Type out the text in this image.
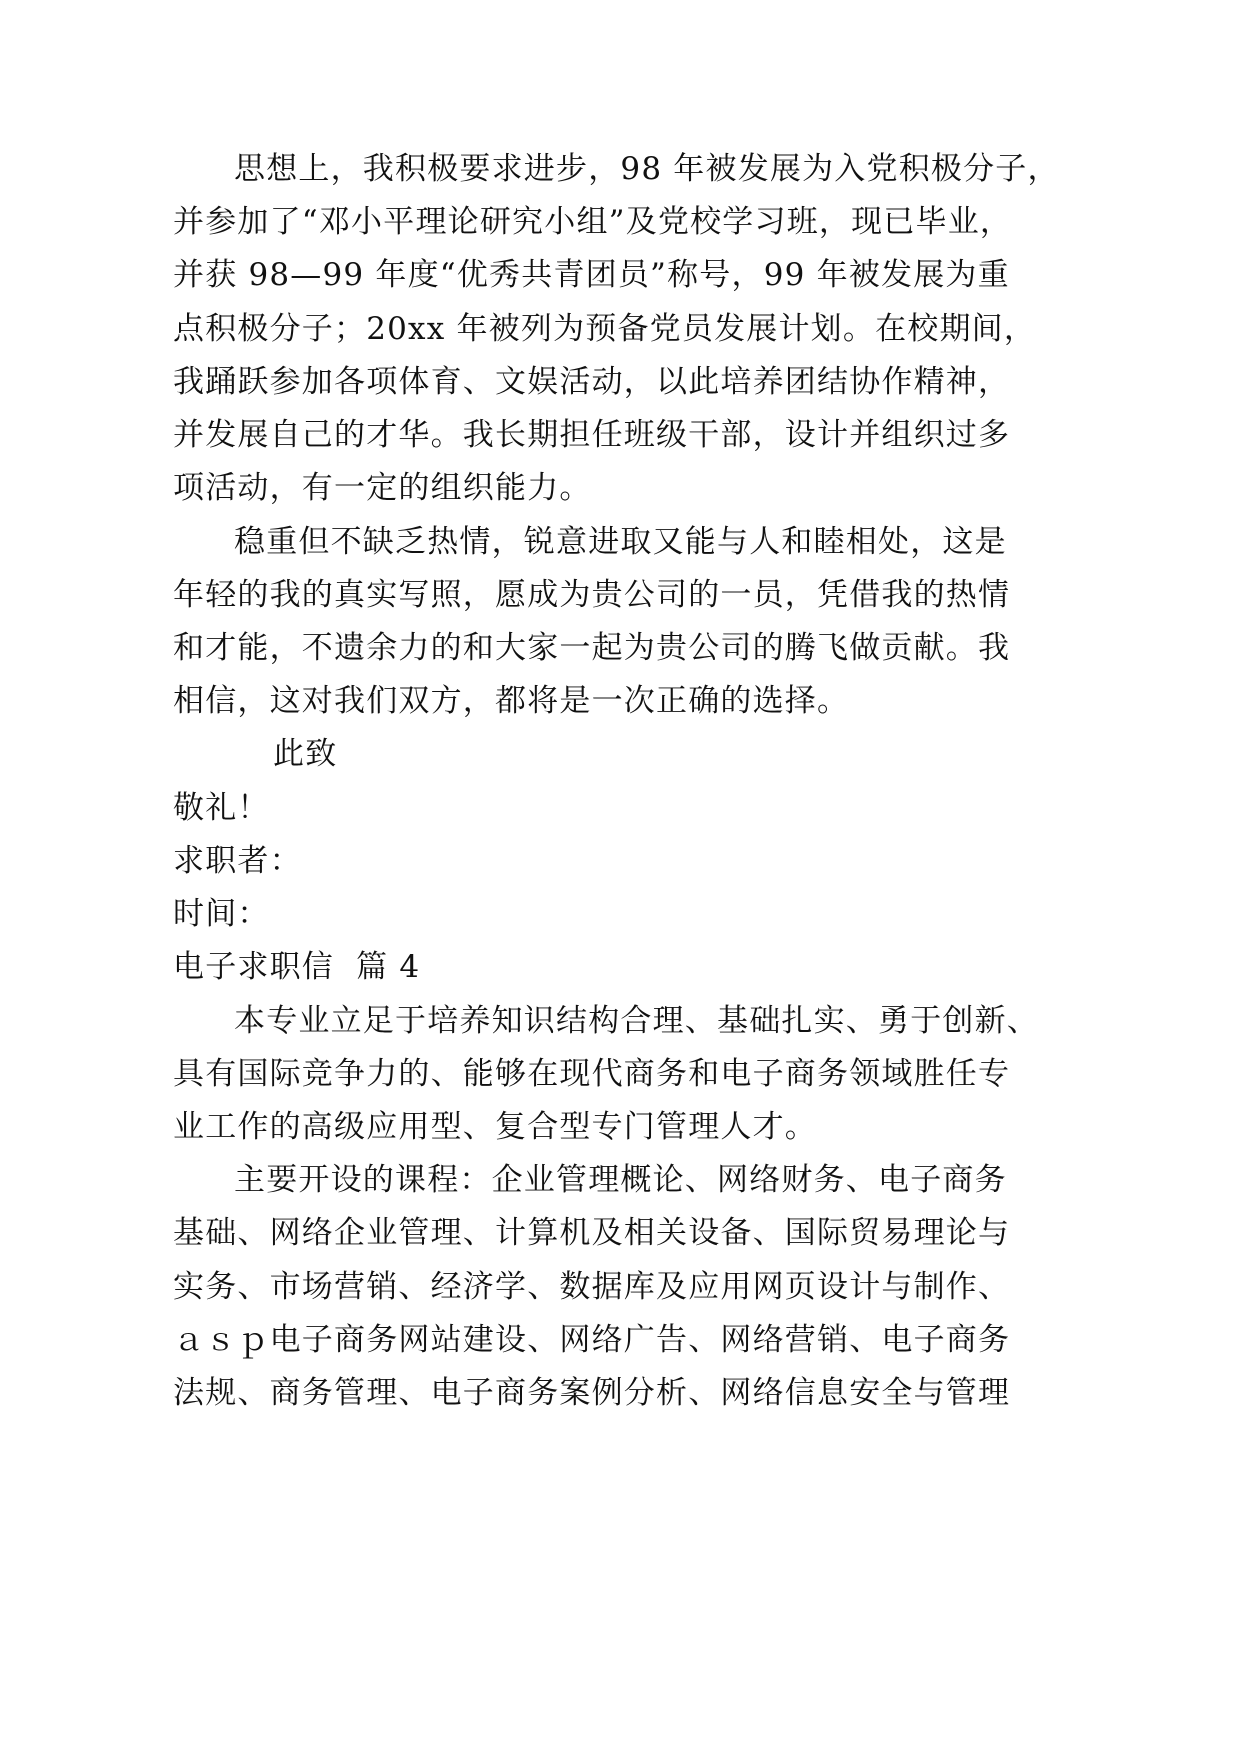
思想上，我积极要求进步，98 年被发展为入党积极分子，
并参加了“邓小平理论研究小组”及党校学习班，现已毕业，
并获 98—99 年度“优秀共青团员”称号，99 年被发展为重
点积极分子；20xx 年被列为预备党员发展计划。在校期间，
我踊跃参加各项体育、文娱活动，以此培养团结协作精神，
并发展自己的才华。我长期担任班级干部，设计并组织过多
项活动，有一定的组织能力。
稳重但不缺乏热情，锐意进取又能与人和睦相处，这是
年轻的我的真实写照，愿成为贵公司的一员，凭借我的热情
和才能，不遗余力的和大家一起为贵公司的腾飞做贡献。我
相信，这对我们双方，都将是一次正确的选择。
此致
敬礼！
求职者：
时间：
电子求职信  篇 4
本专业立足于培养知识结构合理、基础扎实、勇于创新、
具有国际竞争力的、能够在现代商务和电子商务领域胜任专
业工作的高级应用型、复合型专门管理人才。
主要开设的课程：企业管理概论、网络财务、电子商务
基础、网络企业管理、计算机及相关设备、国际贸易理论与
实务、市场营销、经济学、数据库及应用网页设计与制作、
ａｓｐ电子商务网站建设、网络广告、网络营销、电子商务
法规、商务管理、电子商务案例分析、网络信息安全与管理
